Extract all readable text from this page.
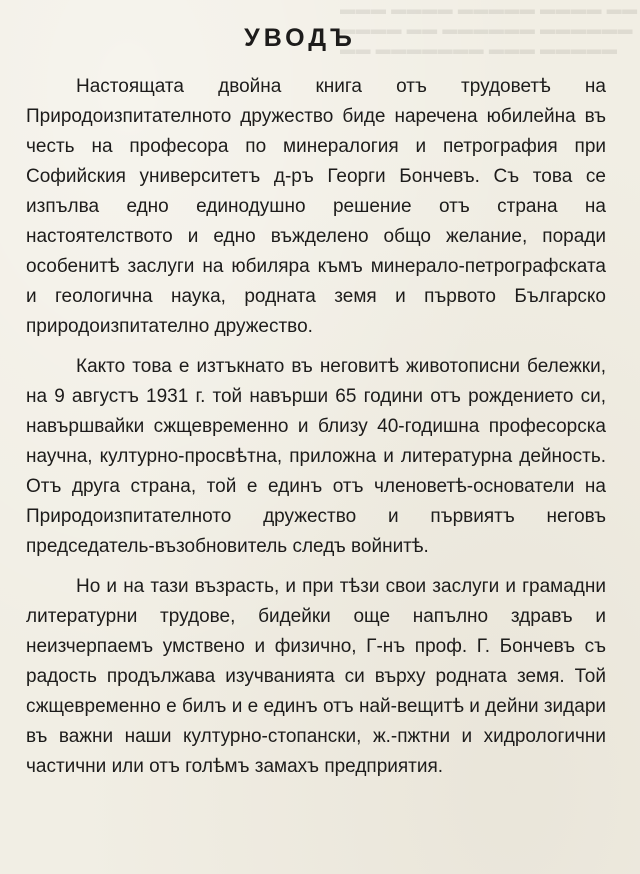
▬▬▬ ▬▬▬▬ ▬▬▬▬▬ ▬▬▬▬ ▬▬
▬▬▬▬ ▬▬ ▬▬▬▬▬▬ ▬▬▬▬▬▬
▬▬ ▬▬▬▬▬▬▬ ▬▬▬ ▬▬▬▬▬
УВОДЪ

Настоящата двойна книга отъ трудоветѣ на Природоизпитателното дружество биде наречена юбилейна въ честь на професора по минералогия и петрография при Софийския университетъ д-ръ Георги Бончевъ. Съ това се изпълва едно единодушно решение отъ страна на настоятелството и едно въжделено общо желание, поради особенитѣ заслуги на юбиляра къмъ минерало-петрографската и геологична наука, родната земя и първото Българско природоизпитателно дружество.

Както това е изтъкнато въ неговитѣ животописни бележки, на 9 августъ 1931 г. той навърши 65 години отъ рождението си, навършвайки сжщевременно и близу 40-годишна професорска научна, културно-просвѣтна, приложна и литературна дейность. Отъ друга страна, той е единъ отъ членоветѣ-основатели на Природоизпитателното дружество и първиятъ неговъ председатель-възобновитель следъ войнитѣ.

Но и на тази възрасть, и при тѣзи свои заслуги и грамадни литературни трудове, бидейки още напълно здравъ и неизчерпаемъ умствено и физично, Г-нъ проф. Г. Бончевъ съ радость продължава изучванията си върху родната земя. Той сжщевременно е билъ и е единъ отъ най-вещитѣ и дейни зидари въ важни наши културно-стопански, ж.-пжтни и хидрологични частични или отъ голѣмъ замахъ предприятия.
